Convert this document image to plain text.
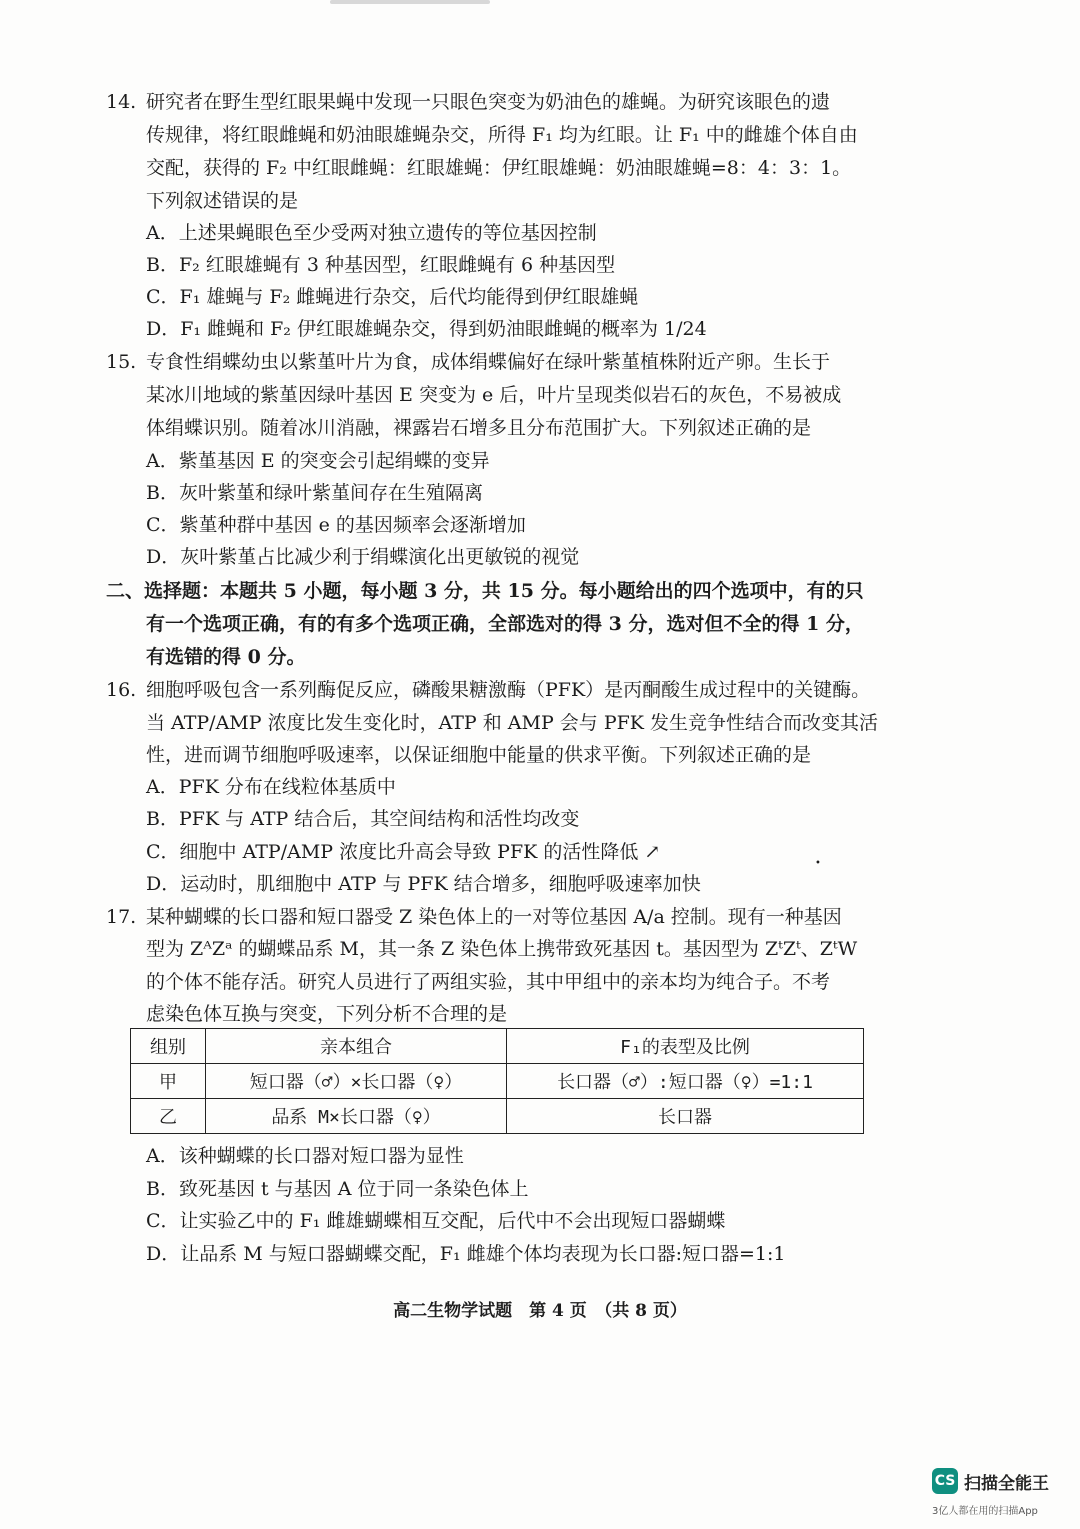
14. 研究者在野生型红眼果蝇中发现一只眼色突变为奶油色的雄蝇。为研究该眼色的遗
传规律，将红眼雌蝇和奶油眼雄蝇杂交，所得 F₁ 均为红眼。让 F₁ 中的雌雄个体自由
交配，获得的 F₂ 中红眼雌蝇：红眼雄蝇：伊红眼雄蝇：奶油眼雄蝇=8：4：3：1。
下列叙述错误的是
A．上述果蝇眼色至少受两对独立遗传的等位基因控制
B．F₂ 红眼雄蝇有 3 种基因型，红眼雌蝇有 6 种基因型
C．F₁ 雄蝇与 F₂ 雌蝇进行杂交，后代均能得到伊红眼雄蝇
D．F₁ 雌蝇和 F₂ 伊红眼雄蝇杂交，得到奶油眼雌蝇的概率为 1/24
15. 专食性绢蝶幼虫以紫堇叶片为食，成体绢蝶偏好在绿叶紫堇植株附近产卵。生长于
某冰川地域的紫堇因绿叶基因 E 突变为 e 后，叶片呈现类似岩石的灰色，不易被成
体绢蝶识别。随着冰川消融，裸露岩石增多且分布范围扩大。下列叙述正确的是
A．紫堇基因 E 的突变会引起绢蝶的变异
B．灰叶紫堇和绿叶紫堇间存在生殖隔离
C．紫堇种群中基因 e 的基因频率会逐渐增加
D．灰叶紫堇占比减少利于绢蝶演化出更敏锐的视觉
二、选择题：本题共 5 小题，每小题 3 分，共 15 分。每小题给出的四个选项中，有的只
有一个选项正确，有的有多个选项正确，全部选对的得 3 分，选对但不全的得 1 分，
有选错的得 0 分。
16. 细胞呼吸包含一系列酶促反应，磷酸果糖激酶（PFK）是丙酮酸生成过程中的关键酶。
当 ATP/AMP 浓度比发生变化时，ATP 和 AMP 会与 PFK 发生竞争性结合而改变其活
性，进而调节细胞呼吸速率，以保证细胞中能量的供求平衡。下列叙述正确的是
A．PFK 分布在线粒体基质中
B．PFK 与 ATP 结合后，其空间结构和活性均改变
C．细胞中 ATP/AMP 浓度比升高会导致 PFK 的活性降低 ↗
D．运动时，肌细胞中 ATP 与 PFK 结合增多，细胞呼吸速率加快
•
17. 某种蝴蝶的长口器和短口器受 Z 染色体上的一对等位基因 A/a 控制。现有一种基因
型为 ZᴬZᵃ 的蝴蝶品系 M，其一条 Z 染色体上携带致死基因 t。基因型为 ZᵗZᵗ、ZᵗW
的个体不能存活。研究人员进行了两组实验，其中甲组中的亲本均为纯合子。不考
虑染色体互换与突变，下列分析不合理的是
组别	亲本组合	F₁的表型及比例
甲	短口器（♂）×长口器（♀）	长口器（♂）:短口器（♀）=1:1
乙	品系 M×长口器（♀）	长口器
A．该种蝴蝶的长口器对短口器为显性
B．致死基因 t 与基因 A 位于同一条染色体上
C．让实验乙中的 F₁ 雌雄蝴蝶相互交配，后代中不会出现短口器蝴蝶
D．让品系 M 与短口器蝴蝶交配，F₁ 雌雄个体均表现为长口器:短口器=1:1
高二生物学试题　第 4 页　（共 8 页）
CS 扫描全能王
3亿人都在用的扫描App
